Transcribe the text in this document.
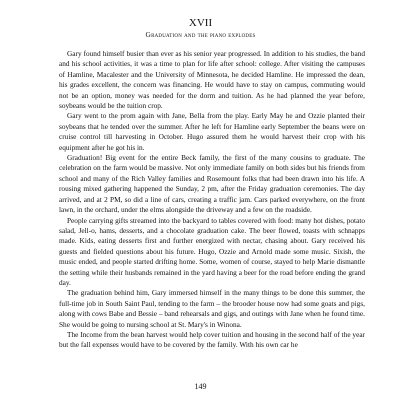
XVII
Graduation and the piano explodes

Gary found himself busier than ever as his senior year progressed. In addition to his studies, the band and his school activities, it was a time to plan for life after school: college. After visiting the campuses of Hamline, Macalester and the University of Minnesota, he decided Hamline. He impressed the dean, his grades excellent, the concern was financing. He would have to stay on campus, commuting would not be an option, money was needed for the dorm and tuition. As he had planned the year before, soybeans would be the tuition crop.

Gary went to the prom again with Jane, Bella from the play. Early May he and Ozzie planted their soybeans that he tended over the summer. After he left for Hamline early September the beans were on cruise control till harvesting in October. Hugo assured them he would harvest their crop with his equipment after he got his in.

Graduation! Big event for the entire Beck family, the first of the many cousins to graduate. The celebration on the farm would be massive. Not only immediate family on both sides but his friends from school and many of the Rich Valley families and Rosemount folks that had been drawn into his life. A rousing mixed gathering happened the Sunday, 2 pm, after the Friday graduation ceremonies. The day arrived, and at 2 PM, so did a line of cars, creating a traffic jam. Cars parked everywhere, on the front lawn, in the orchard, under the elms alongside the driveway and a few on the roadside.

People carrying gifts streamed into the backyard to tables covered with food: many hot dishes, potato salad, Jell-o, hams, desserts, and a chocolate graduation cake. The beer flowed, toasts with schnapps made. Kids, eating desserts first and further energized with nectar, chasing about. Gary received his guests and fielded questions about his future. Hugo, Ozzie and Arnold made some music. Sixish, the music ended, and people started drifting home. Some, women of course, stayed to help Marie dismantle the setting while their husbands remained in the yard having a beer for the road before ending the grand day.

The graduation behind him, Gary immersed himself in the many things to be done this summer, the full-time job in South Saint Paul, tending to the farm – the brooder house now had some goats and pigs, along with cows Babe and Bessie – band rehearsals and gigs, and outings with Jane when he found time. She would be going to nursing school at St. Mary's in Winona.

The Income from the bean harvest would help cover tuition and housing in the second half of the year but the fall expenses would have to be covered by the family. With his own car he

149
